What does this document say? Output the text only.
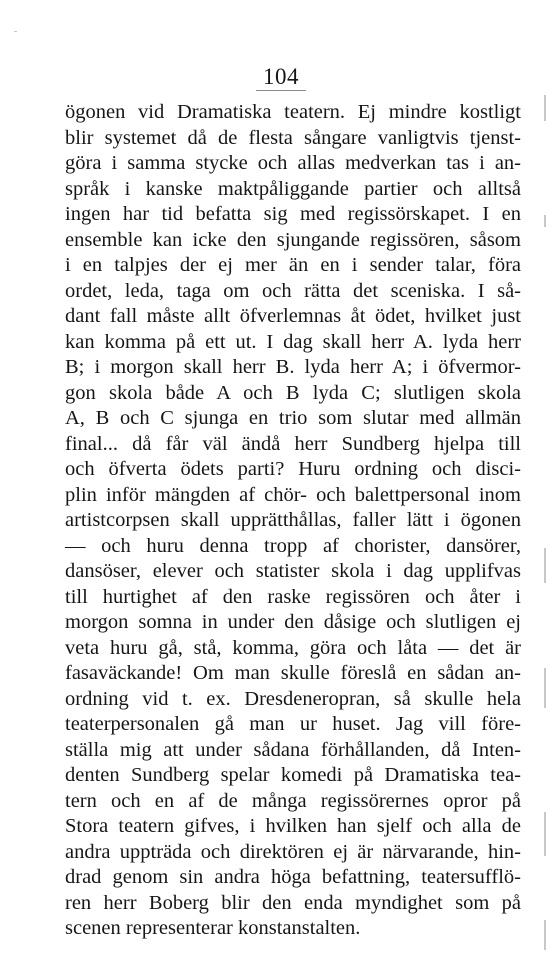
104
ögonen vid Dramatiska teatern. Ej mindre kostligt
blir systemet då de flesta sångare vanligtvis tjenst-
göra i samma stycke och allas medverkan tas i an-
språk i kanske maktpåliggande partier och alltså
ingen har tid befatta sig med regissörskapet. I en
ensemble kan icke den sjungande regissören, såsom
i en talpjes der ej mer än en i sender talar, föra
ordet, leda, taga om och rätta det sceniska. I så-
dant fall måste allt öfverlemnas åt ödet, hvilket just
kan komma på ett ut. I dag skall herr A. lyda herr
B; i morgon skall herr B. lyda herr A; i öfvermor-
gon skola både A och B lyda C; slutligen skola
A, B och C sjunga en trio som slutar med allmän
final... då får väl ändå herr Sundberg hjelpa till
och öfverta ödets parti? Huru ordning och disci-
plin inför mängden af chör- och balettpersonal inom
artistcorpsen skall upprätthållas, faller lätt i ögonen
— och huru denna tropp af chorister, dansörer,
dansöser, elever och statister skola i dag upplifvas
till hurtighet af den raske regissören och åter i
morgon somna in under den dåsige och slutligen ej
veta huru gå, stå, komma, göra och låta — det är
fasaväckande! Om man skulle föreslå en sådan an-
ordning vid t. ex. Dresdeneropran, så skulle hela
teaterpersonalen gå man ur huset. Jag vill före-
ställa mig att under sådana förhållanden, då Inten-
denten Sundberg spelar komedi på Dramatiska tea-
tern och en af de många regissörernes opror på
Stora teatern gifves, i hvilken han sjelf och alla de
andra uppträda och direktören ej är närvarande, hin-
drad genom sin andra höga befattning, teatersufflö-
ren herr Boberg blir den enda myndighet som på
scenen representerar konstanstalten.
